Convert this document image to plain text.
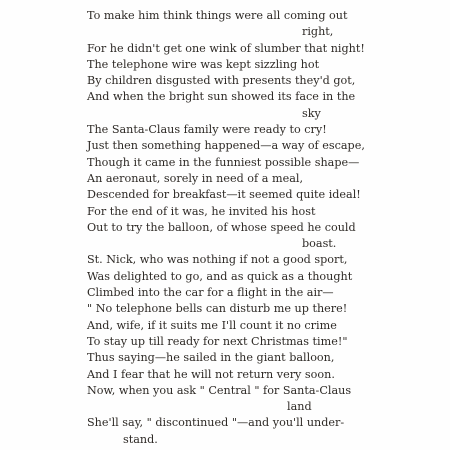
To make him think things were all coming out
right,
For he didn't get one wink of slumber that night!
The telephone wire was kept sizzling hot
By children disgusted with presents they'd got,
And when the bright sun showed its face in the
sky
The Santa-Claus family were ready to cry!
Just then something happened—a way of escape,
Though it came in the funniest possible shape—
An aeronaut, sorely in need of a meal,
Descended for breakfast—it seemed quite ideal!
For the end of it was, he invited his host
Out to try the balloon, of whose speed he could
boast.
St. Nick, who was nothing if not a good sport,
Was delighted to go, and as quick as a thought
Climbed into the car for a flight in the air—
" No telephone bells can disturb me up there!
And, wife, if it suits me I'll count it no crime
To stay up till ready for next Christmas time!"
Thus saying—he sailed in the giant balloon,
And I fear that he will not return very soon.
Now, when you ask " Central " for Santa-Claus
land
She'll say, " discontinued "—and you'll under-
stand.
